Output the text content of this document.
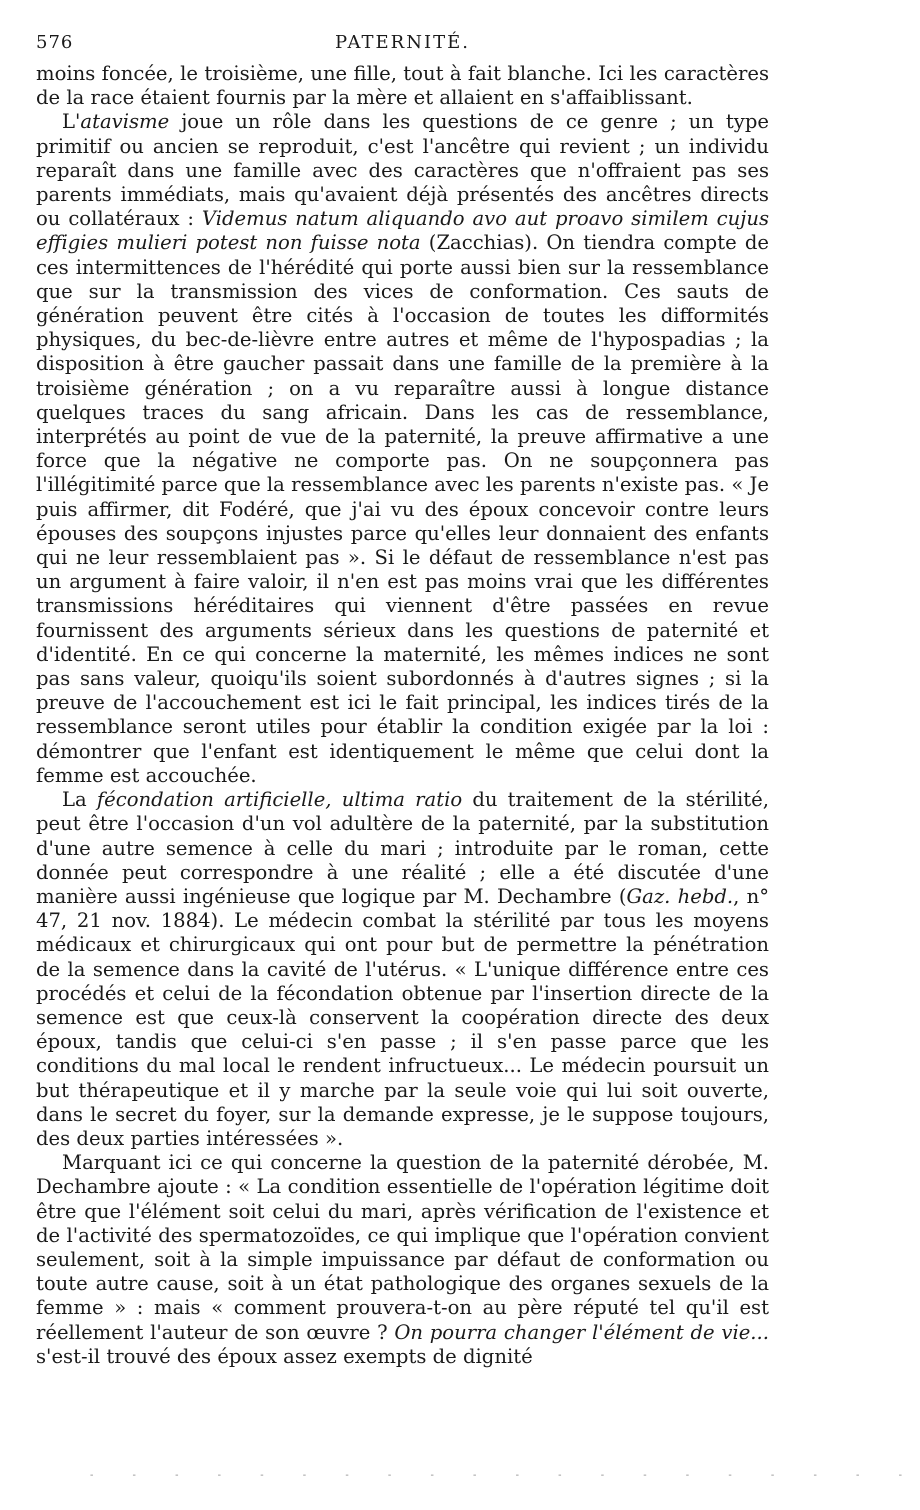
576	PATERNITÉ.

moins foncée, le troisième, une fille, tout à fait blanche. Ici les caractères de la race étaient fournis par la mère et allaient en s'affaiblissant.

L'atavisme joue un rôle dans les questions de ce genre ; un type primitif ou ancien se reproduit, c'est l'ancêtre qui revient ; un individu reparaît dans une famille avec des caractères que n'offraient pas ses parents immédiats, mais qu'avaient déjà présentés des ancêtres directs ou collatéraux : Videmus natum aliquando avo aut proavo similem cujus effigies mulieri potest non fuisse nota (Zacchias). On tiendra compte de ces intermittences de l'hérédité qui porte aussi bien sur la ressemblance que sur la transmission des vices de conformation. Ces sauts de génération peuvent être cités à l'occasion de toutes les difformités physiques, du bec-de-lièvre entre autres et même de l'hypospadias ; la disposition à être gaucher passait dans une famille de la première à la troisième génération ; on a vu reparaître aussi à longue distance quelques traces du sang africain. Dans les cas de ressemblance, interprétés au point de vue de la paternité, la preuve affirmative a une force que la négative ne comporte pas. On ne soupçonnera pas l'illégitimité parce que la ressemblance avec les parents n'existe pas. « Je puis affirmer, dit Fodéré, que j'ai vu des époux concevoir contre leurs épouses des soupçons injustes parce qu'elles leur donnaient des enfants qui ne leur ressemblaient pas ». Si le défaut de ressemblance n'est pas un argument à faire valoir, il n'en est pas moins vrai que les différentes transmissions héréditaires qui viennent d'être passées en revue fournissent des arguments sérieux dans les questions de paternité et d'identité. En ce qui concerne la maternité, les mêmes indices ne sont pas sans valeur, quoiqu'ils soient subordonnés à d'autres signes ; si la preuve de l'accouchement est ici le fait principal, les indices tirés de la ressemblance seront utiles pour établir la condition exigée par la loi : démontrer que l'enfant est identiquement le même que celui dont la femme est accouchée.

La fécondation artificielle, ultima ratio du traitement de la stérilité, peut être l'occasion d'un vol adultère de la paternité, par la substitution d'une autre semence à celle du mari ; introduite par le roman, cette donnée peut correspondre à une réalité ; elle a été discutée d'une manière aussi ingénieuse que logique par M. Dechambre (Gaz. hebd., n° 47, 21 nov. 1884). Le médecin combat la stérilité par tous les moyens médicaux et chirurgicaux qui ont pour but de permettre la pénétration de la semence dans la cavité de l'utérus. « L'unique différence entre ces procédés et celui de la fécondation obtenue par l'insertion directe de la semence est que ceux-là conservent la coopération directe des deux époux, tandis que celui-ci s'en passe ; il s'en passe parce que les conditions du mal local le rendent infructueux... Le médecin poursuit un but thérapeutique et il y marche par la seule voie qui lui soit ouverte, dans le secret du foyer, sur la demande expresse, je le suppose toujours, des deux parties intéressées ».

Marquant ici ce qui concerne la question de la paternité dérobée, M. Dechambre ajoute : « La condition essentielle de l'opération légitime doit être que l'élément soit celui du mari, après vérification de l'existence et de l'activité des spermatozoïdes, ce qui implique que l'opération convient seulement, soit à la simple impuissance par défaut de conformation ou toute autre cause, soit à un état pathologique des organes sexuels de la femme » : mais « comment prouvera-t-on au père réputé tel qu'il est réellement l'auteur de son œuvre ? On pourra changer l'élément de vie... s'est-il trouvé des époux assez exempts de dignité

- - - - - - - - - - - - - - - - - - - -
